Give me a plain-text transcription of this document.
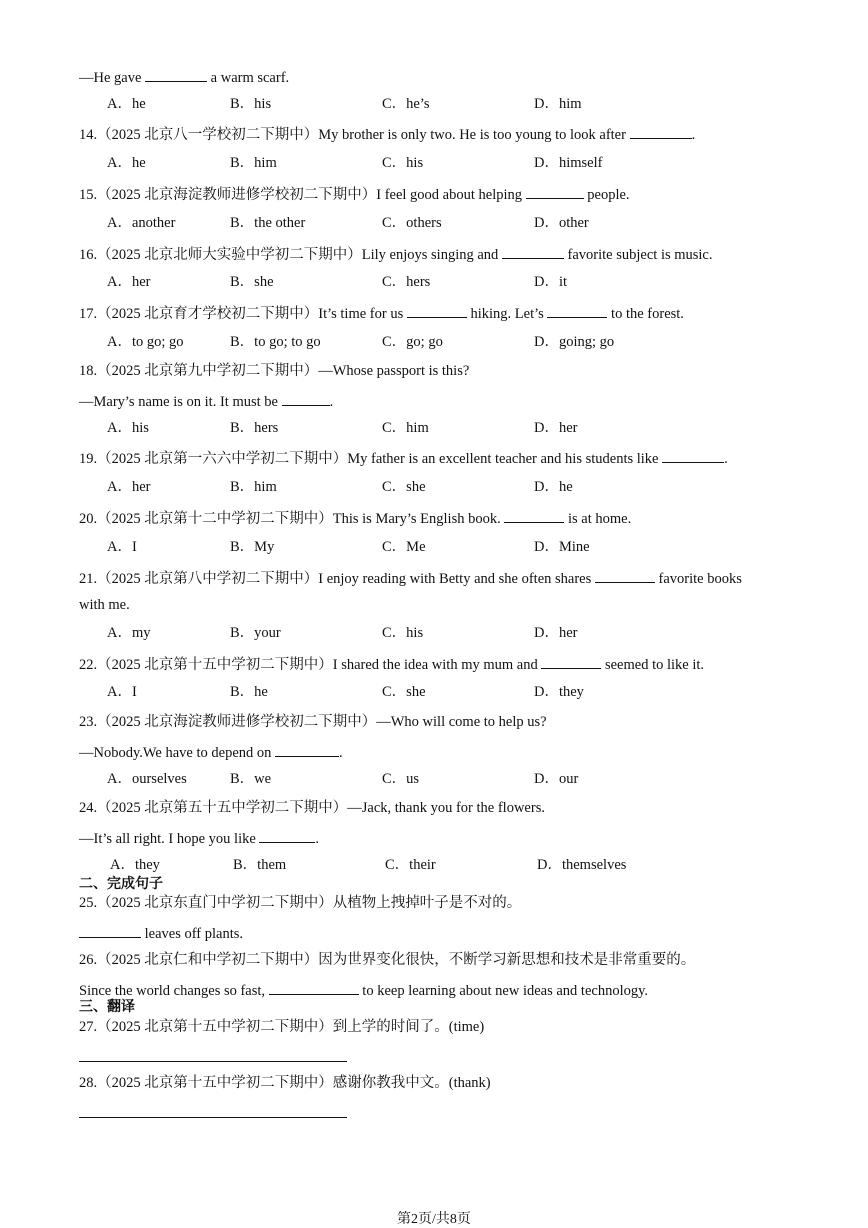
—He gave	a warm scarf.
14.（2025 北京八一学校初二下期中）My brother is only two. He is too young to look after	.
15.（2025 北京海淀教师进修学校初二下期中）I feel good about helping	people.
16.（2025 北京北师大实验中学初二下期中）Lily enjoys singing and	favorite subject is music.
17.（2025 北京育才学校初二下期中）It’s time for us	hiking. Let’s	to the forest.
18.（2025 北京第九中学初二下期中）—Whose passport is this?
—Mary’s name is on it. It must be	.
19.（2025 北京第一六六中学初二下期中）My father is an excellent teacher and his students like	.
20.（2025 北京第十二中学初二下期中）This is Mary’s English book.	is at home.
21.（2025 北京第八中学初二下期中）I enjoy reading with Betty and she often shares	favorite books
with me.
22.（2025 北京第十五中学初二下期中）I shared the idea with my mum and	seemed to like it.
23.（2025 北京海淀教师进修学校初二下期中）—Who will come to help us?
—Nobody.We have to depend on	.
24.（2025 北京第五十五中学初二下期中）—Jack, thank you for the flowers.
—It’s all right. I hope you like	.
25.（2025 北京东直门中学初二下期中）从植物上拽掉叶子是不对的。
leaves off plants.
26.（2025 北京仁和中学初二下期中）因为世界变化很快，不断学习新思想和技术是非常重要的。
Since the world changes so fast,	to keep learning about new ideas and technology.
27.（2025 北京第十五中学初二下期中）到上学的时间了。(time)
28.（2025 北京第十五中学初二下期中）感谢你教我中文。(thank)
A．he	B．his	C．he’s	D．him
A．he	B．him	C．his	D．himself
A．another	B．the other	C．others	D．other
A．her	B．she	C．hers	D．it
A．to go; go	B．to go; to go	C．go; go	D．going; go
A．his	B．hers	C．him	D．her
A．her	B．him	C．she	D．he
A．I	B．My	C．Me	D．Mine
A．my	B．your	C．his	D．her
A．I	B．he	C．she	D．they
A．ourselves	B．we	C．us	D．our
A．they	B．them	C．their	D．themselves
二、完成句子
三、翻译
第2页/共8页
